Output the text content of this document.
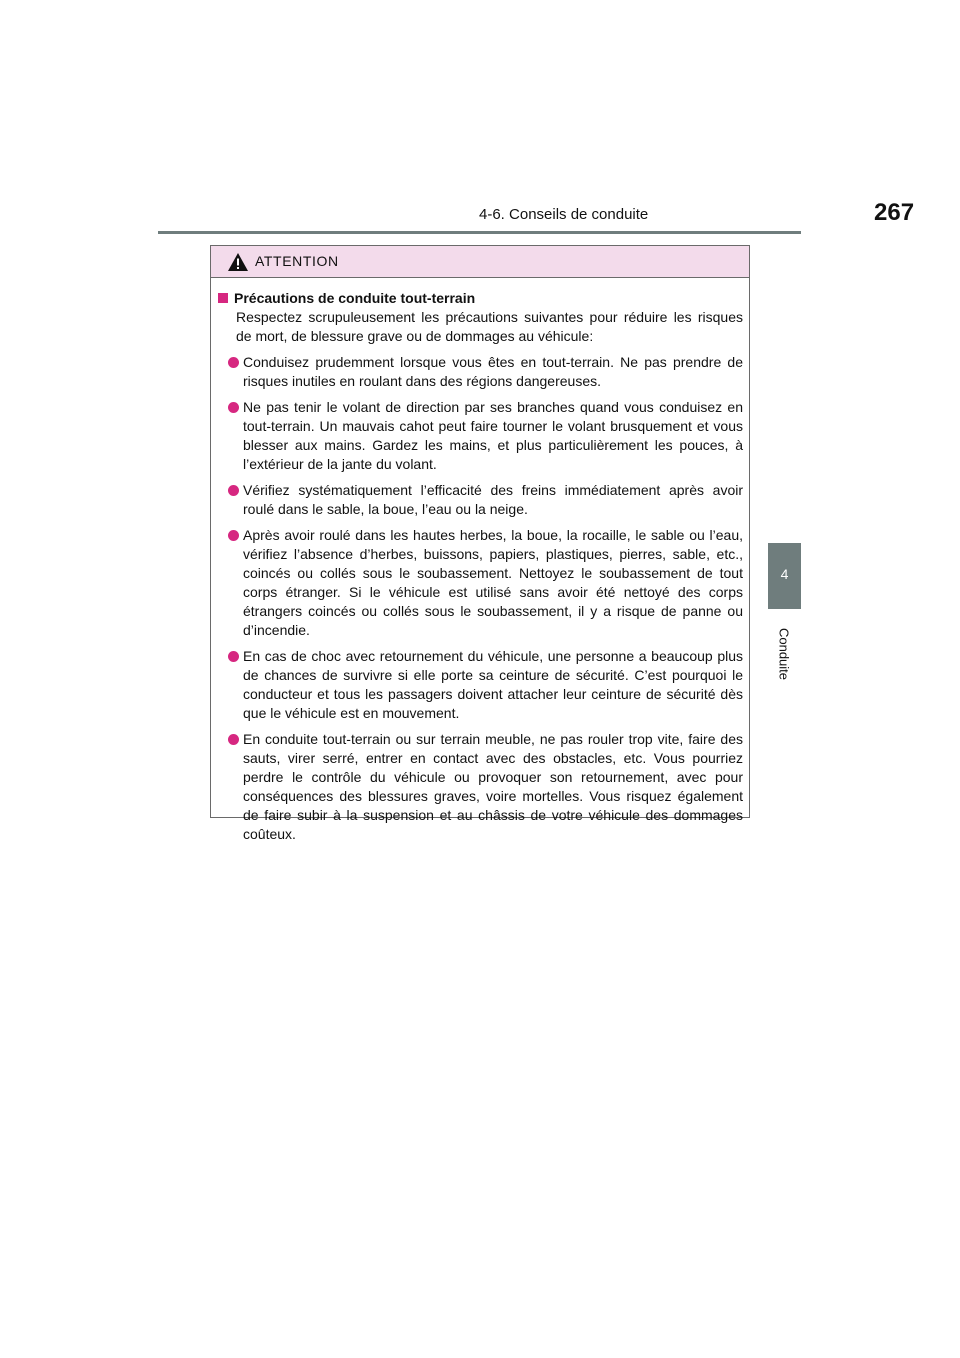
4-6. Conseils de conduite	267
4
Conduite
ATTENTION
Précautions de conduite tout-terrain

Respectez scrupuleusement les précautions suivantes pour réduire les risques de mort, de blessure grave ou de dommages au véhicule:

Conduisez prudemment lorsque vous êtes en tout-terrain. Ne pas prendre de risques inutiles en roulant dans des régions dangereuses.
Ne pas tenir le volant de direction par ses branches quand vous conduisez en tout-terrain. Un mauvais cahot peut faire tourner le volant brusquement et vous blesser aux mains. Gardez les mains, et plus particulièrement les pouces, à l’extérieur de la jante du volant.
Vérifiez systématiquement l’efficacité des freins immédiatement après avoir roulé dans le sable, la boue, l’eau ou la neige.
Après avoir roulé dans les hautes herbes, la boue, la rocaille, le sable ou l’eau, vérifiez l’absence d’herbes, buissons, papiers, plastiques, pierres, sable, etc., coincés ou collés sous le soubassement. Nettoyez le soubassement de tout corps étranger. Si le véhicule est utilisé sans avoir été nettoyé des corps étrangers coincés ou collés sous le soubassement, il y a risque de panne ou d’incendie.
En cas de choc avec retournement du véhicule, une personne a beaucoup plus de chances de survivre si elle porte sa ceinture de sécurité. C’est pourquoi le conducteur et tous les passagers doivent attacher leur ceinture de sécurité dès que le véhicule est en mouvement.
En conduite tout-terrain ou sur terrain meuble, ne pas rouler trop vite, faire des sauts, virer serré, entrer en contact avec des obstacles, etc. Vous pourriez perdre le contrôle du véhicule ou provoquer son retournement, avec pour conséquences des blessures graves, voire mortelles. Vous risquez également de faire subir à la suspension et au châssis de votre véhicule des dommages coûteux.
